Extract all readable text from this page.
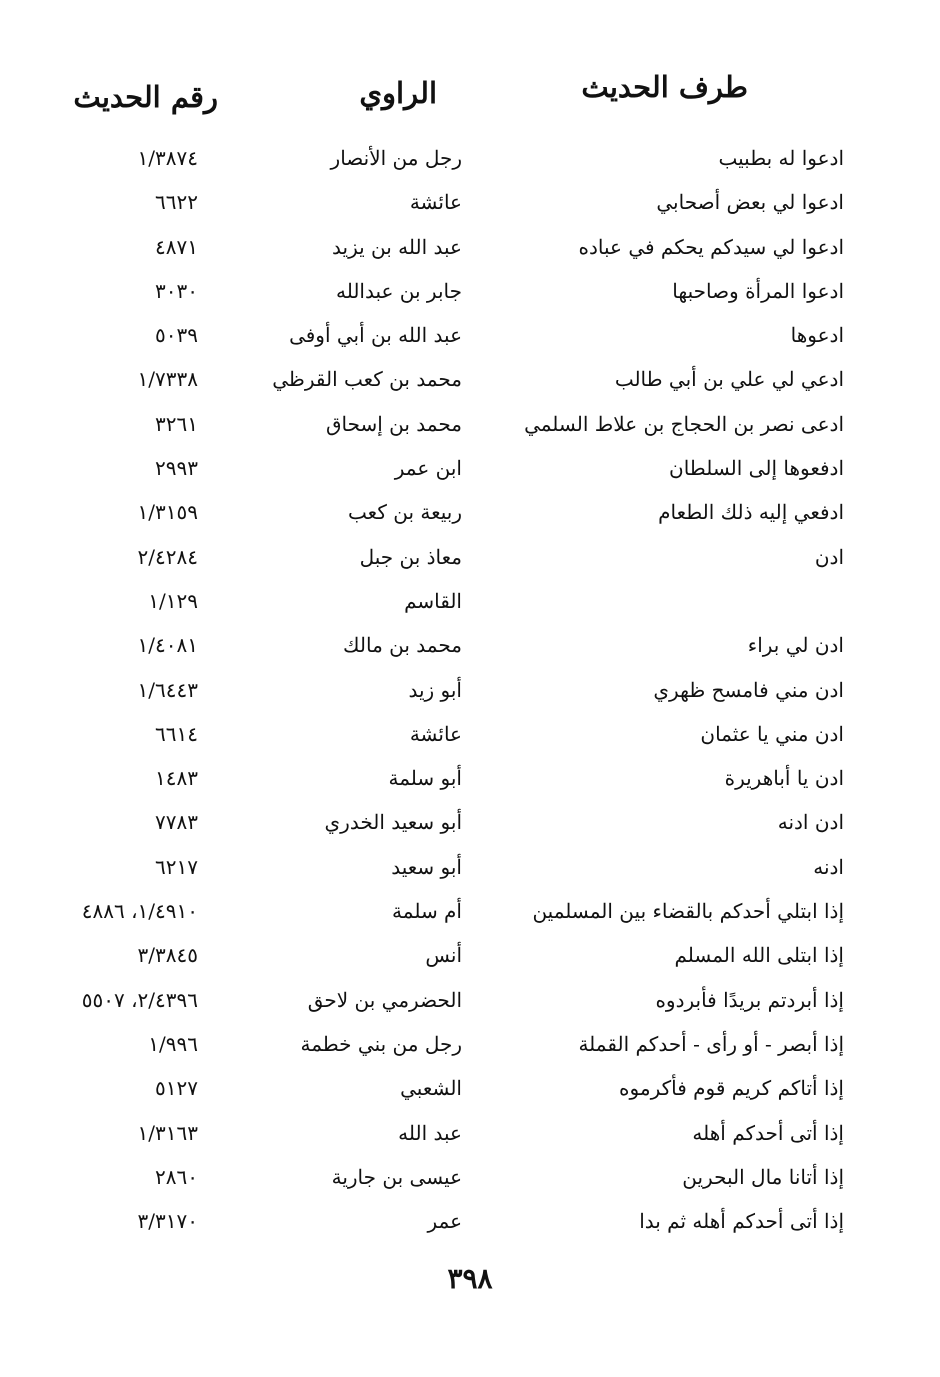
طرف الحديث
الراوي
رقم الحديث
ادعوا له بطبيب
رجل من الأنصار
١/٣٨٧٤
ادعوا لي بعض أصحابي
عائشة
٦٦٢٢
ادعوا لي سيدكم يحكم في عباده
عبد الله بن يزيد
٤٨٧١
ادعوا المرأة وصاحبها
جابر بن عبدالله
٣٠٣٠
ادعوها
عبد الله بن أبي أوفى
٥٠٣٩
ادعي لي علي بن أبي طالب
محمد بن كعب القرظي
١/٧٣٣٨
ادعى نصر بن الحجاج بن علاط السلمي
محمد بن إسحاق
٣٢٦١
ادفعوها إلى السلطان
ابن عمر
٢٩٩٣
ادفعي إليه ذلك الطعام
ربيعة بن كعب
١/٣١٥٩
ادن
معاذ بن جبل
٢/٤٢٨٤
القاسم
١/١٢٩
ادن لي براء
محمد بن مالك
١/٤٠٨١
ادن مني فامسح ظهري
أبو زيد
١/٦٤٤٣
ادن مني يا عثمان
عائشة
٦٦١٤
ادن يا أباهريرة
أبو سلمة
١٤٨٣
ادن ادنه
أبو سعيد الخدري
٧٧٨٣
ادنه
أبو سعيد
٦٢١٧
إذا ابتلي أحدكم بالقضاء بين المسلمين
أم سلمة
١/٤٩١٠، ٤٨٨٦
إذا ابتلى الله المسلم
أنس
٣/٣٨٤٥
إذا أبردتم بريدًا فأبردوه
الحضرمي بن لاحق
٢/٤٣٩٦، ٥٥٠٧
إذا أبصر - أو رأى - أحدكم القملة
رجل من بني خطمة
١/٩٩٦
إذا أتاكم كريم قوم فأكرموه
الشعبي
٥١٢٧
إذا أتى أحدكم أهله
عبد الله
١/٣١٦٣
إذا أتانا مال البحرين
عيسى بن جارية
٢٨٦٠
إذا أتى أحدكم أهله ثم بدا
عمر
٣/٣١٧٠
٣٩٨
